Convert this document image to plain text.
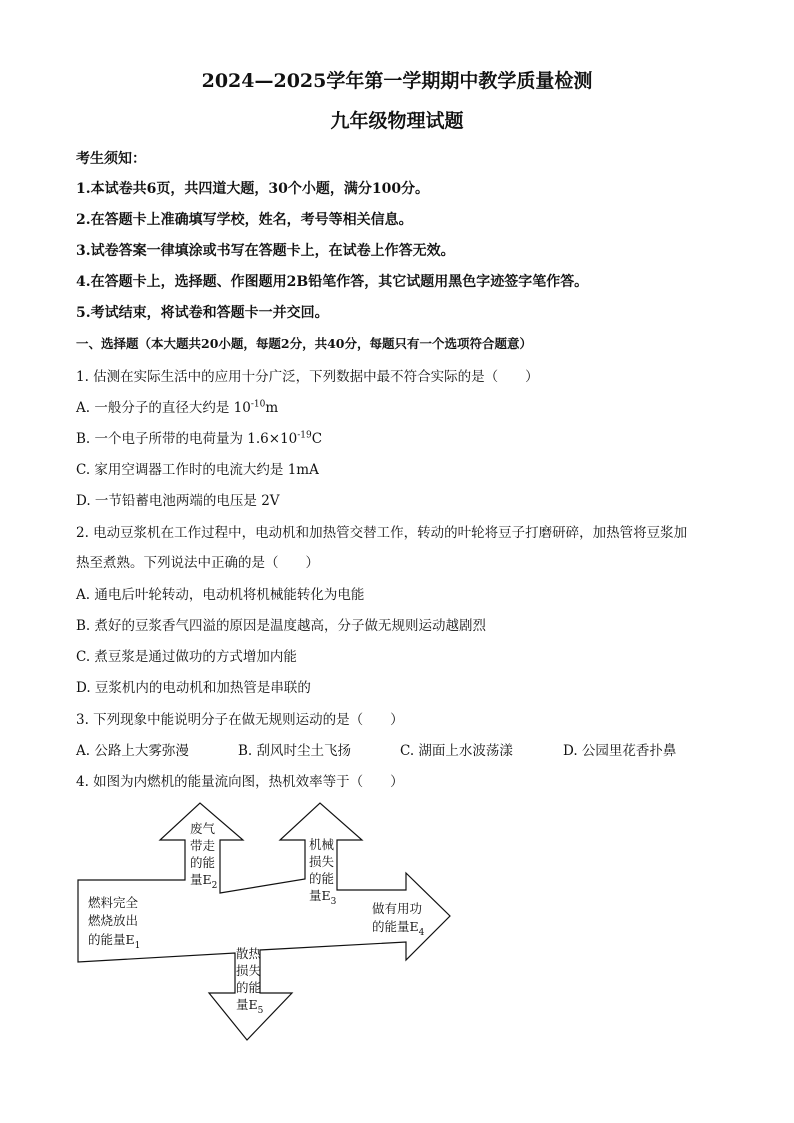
2024—2025学年第一学期期中教学质量检测
九年级物理试题
考生须知：
1.本试卷共6页，共四道大题，30个小题，满分100分。
2.在答题卡上准确填写学校，姓名，考号等相关信息。
3.试卷答案一律填涂或书写在答题卡上，在试卷上作答无效。
4.在答题卡上，选择题、作图题用2B铅笔作答，其它试题用黑色字迹签字笔作答。
5.考试结束，将试卷和答题卡一并交回。
一、选择题（本大题共20小题，每题2分，共40分，每题只有一个选项符合题意）
1. 估测在实际生活中的应用十分广泛，下列数据中最不符合实际的是（　　）
A. 一般分子的直径大约是 $10^{-10}m$
B. 一个电子所带的电荷量为 $1.6\times 10^{-19}C$
C. 家用空调器工作时的电流大约是 1mA
D. 一节铅蓄电池两端的电压是 2V
2. 电动豆浆机在工作过程中，电动机和加热管交替工作，转动的叶轮将豆子打磨研碎，加热管将豆浆加
热至煮熟。下列说法中正确的是（　　）
A. 通电后叶轮转动，电动机将机械能转化为电能
B. 煮好的豆浆香气四溢的原因是温度越高，分子做无规则运动越剧烈
C. 煮豆浆是通过做功的方式增加内能
D. 豆浆机内的电动机和加热管是串联的
3. 下列现象中能说明分子在做无规则运动的是（　　）
A. 公路上大雾弥漫	B. 刮风时尘土飞扬	C. 湖面上水波荡漾	D. 公园里花香扑鼻
4. 如图为内燃机的能量流向图，热机效率等于（　　）
燃料完全
燃烧放出
的能量$E_1$
废气
带走
的能
量$E_2$
机械
损失
的能
量$E_3$	做有用功
的能量$E_4$
散热
损失
的能
量$E_5$
